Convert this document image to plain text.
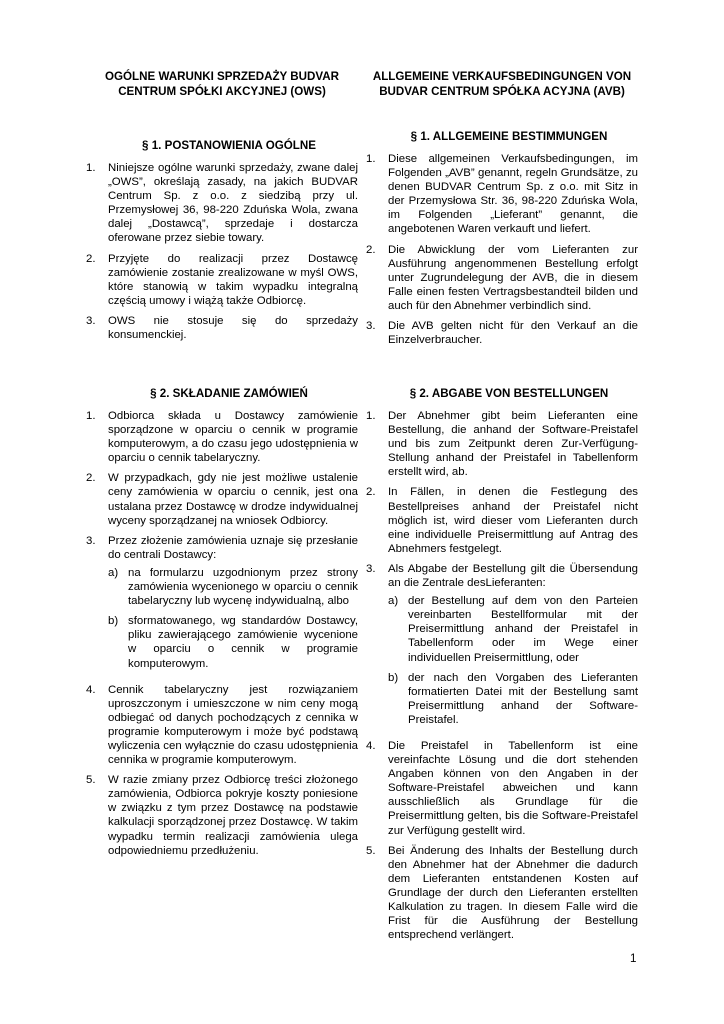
OGÓLNE WARUNKI SPRZEDAŻY BUDVAR CENTRUM SPÓŁKI AKCYJNEJ (OWS)
§ 1. POSTANOWIENIA OGÓLNE
1.	Niniejsze ogólne warunki sprzedaży, zwane dalej „OWS”, określają zasady, na jakich BUDVAR Centrum Sp. z o.o. z siedzibą przy ul. Przemysłowej 36, 98-220 Zduńska Wola, zwana dalej „Dostawcą”, sprzedaje i dostarcza oferowane przez siebie towary.
2.	Przyjęte do realizacji przez Dostawcę zamówienie zostanie zrealizowane w myśl OWS, które stanowią w takim wypadku integralną częścią umowy i wiążą także Odbiorcę.
3.	OWS nie stosuje się do sprzedaży konsumenckiej.
§ 2. SKŁADANIE ZAMÓWIEŃ
1.	Odbiorca składa u Dostawcy zamówienie sporządzone w oparciu o cennik w programie komputerowym, a do czasu jego udostępnienia w oparciu o cennik tabelaryczny.
2.	W przypadkach, gdy nie jest możliwe ustalenie ceny zamówienia w oparciu o cennik, jest ona ustalana przez Dostawcę w drodze indywidualnej wyceny sporządzanej na wniosek Odbiorcy.
3.	Przez złożenie zamówienia uznaje się przesłanie do centrali Dostawcy:
a) na formularzu uzgodnionym przez strony zamówienia wycenionego w oparciu o cennik tabelaryczny lub wycenę indywidualną, albo
b) sformatowanego, wg standardów Dostawcy, pliku zawierającego zamówienie wycenione w oparciu o cennik w programie komputerowym.
4.	Cennik tabelaryczny jest rozwiązaniem uproszczonym i umieszczone w nim ceny mogą odbiegać od danych pochodzących z cennika w programie komputerowym i może być podstawą wyliczenia cen wyłącznie do czasu udostępnienia cennika w programie komputerowym.
5.	W razie zmiany przez Odbiorcę treści złożonego zamówienia, Odbiorca pokryje koszty poniesione w związku z tym przez Dostawcę na podstawie kalkulacji sporządzonej przez Dostawcę. W takim wypadku termin realizacji zamówienia ulega odpowiedniemu przedłużeniu.
ALLGEMEINE VERKAUFSBEDINGUNGEN VON BUDVAR CENTRUM SPÓŁKA ACYJNA (AVB)
§ 1. ALLGEMEINE BESTIMMUNGEN
1.	Diese allgemeinen Verkaufsbedingungen, im Folgenden „AVB” genannt, regeln Grundsätze, zu denen BUDVAR Centrum Sp. z o.o. mit Sitz in der Przemysłowa Str. 36, 98-220 Zduńska Wola, im Folgenden „Lieferant” genannt, die angebotenen Waren verkauft und liefert.
2.	Die Abwicklung der vom Lieferanten zur Ausführung angenommenen Bestellung erfolgt unter Zugrundelegung der AVB, die in diesem Falle einen festen Vertragsbestandteil bilden und auch für den Abnehmer verbindlich sind.
3.	Die AVB gelten nicht für den Verkauf an die Einzelverbraucher.
§ 2. ABGABE VON BESTELLUNGEN
1.	Der Abnehmer gibt beim Lieferanten eine Bestellung, die anhand der Software-Preistafel und bis zum Zeitpunkt deren Zur-Verfügung-Stellung anhand der Preistafel in Tabellenform erstellt wird, ab.
2.	In Fällen, in denen die Festlegung des Bestellpreises anhand der Preistafel nicht möglich ist, wird dieser vom Lieferanten durch eine individuelle Preisermittlung auf Antrag des Abnehmers festgelegt.
3.	Als Abgabe der Bestellung gilt die Übersendung an die Zentrale desLieferanten:
a) der Bestellung auf dem von den Parteien vereinbarten Bestellformular mit der Preisermittlung anhand der Preistafel in Tabellenform oder im Wege einer individuellen Preisermittlung, oder
b) der nach den Vorgaben des Lieferanten formatierten Datei mit der Bestellung samt Preisermittlung anhand der Software-Preistafel.
4.	Die Preistafel in Tabellenform ist eine vereinfachte Lösung und die dort stehenden Angaben können von den Angaben in der Software-Preistafel abweichen und kann ausschließlich als Grundlage für die Preisermittlung gelten, bis die Software-Preistafel zur Verfügung gestellt wird.
5.	Bei Änderung des Inhalts der Bestellung durch den Abnehmer hat der Abnehmer die dadurch dem Lieferanten entstandenen Kosten auf Grundlage der durch den Lieferanten erstellten Kalkulation zu tragen. In diesem Falle wird die Frist für die Ausführung der Bestellung entsprechend verlängert.
1
